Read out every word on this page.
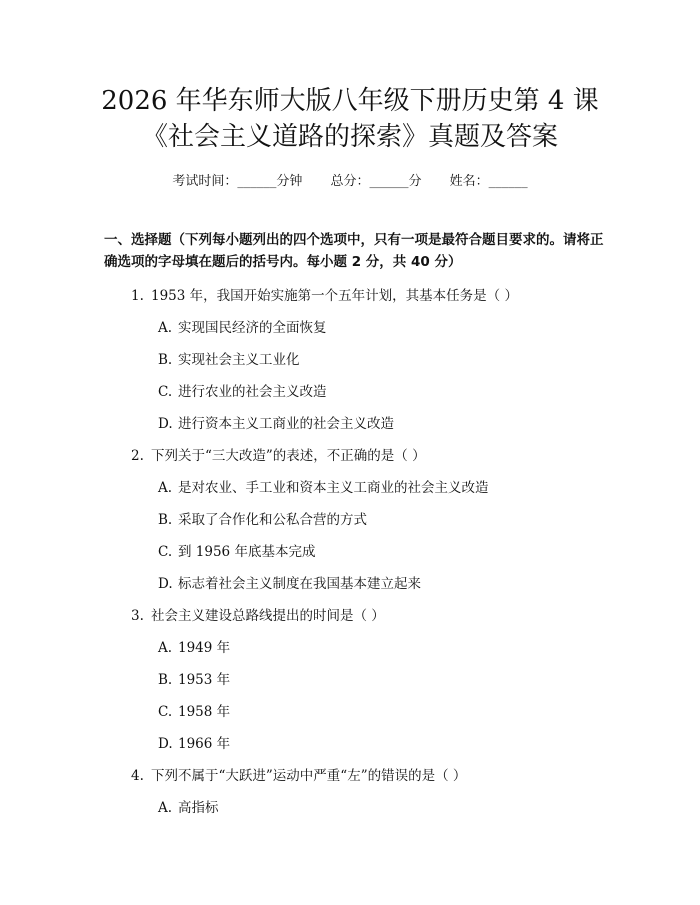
2026 年华东师大版八年级下册历史第 4 课
《社会主义道路的探索》真题及答案
考试时间：______分钟 总分：______分 姓名：______
一、选择题（下列每小题列出的四个选项中，只有一项是最符合题目要求的。请将正确选项的字母填在题后的括号内。每小题 2 分，共 40 分）
1. 1953 年，我国开始实施第一个五年计划，其基本任务是（ ）
A. 实现国民经济的全面恢复
B. 实现社会主义工业化
C. 进行农业的社会主义改造
D. 进行资本主义工商业的社会主义改造
2. 下列关于“三大改造”的表述，不正确的是（ ）
A. 是对农业、手工业和资本主义工商业的社会主义改造
B. 采取了合作化和公私合营的方式
C. 到 1956 年底基本完成
D. 标志着社会主义制度在我国基本建立起来
3. 社会主义建设总路线提出的时间是（ ）
A. 1949 年
B. 1953 年
C. 1958 年
D. 1966 年
4. 下列不属于“大跃进”运动中严重“左”的错误的是（ ）
A. 高指标
